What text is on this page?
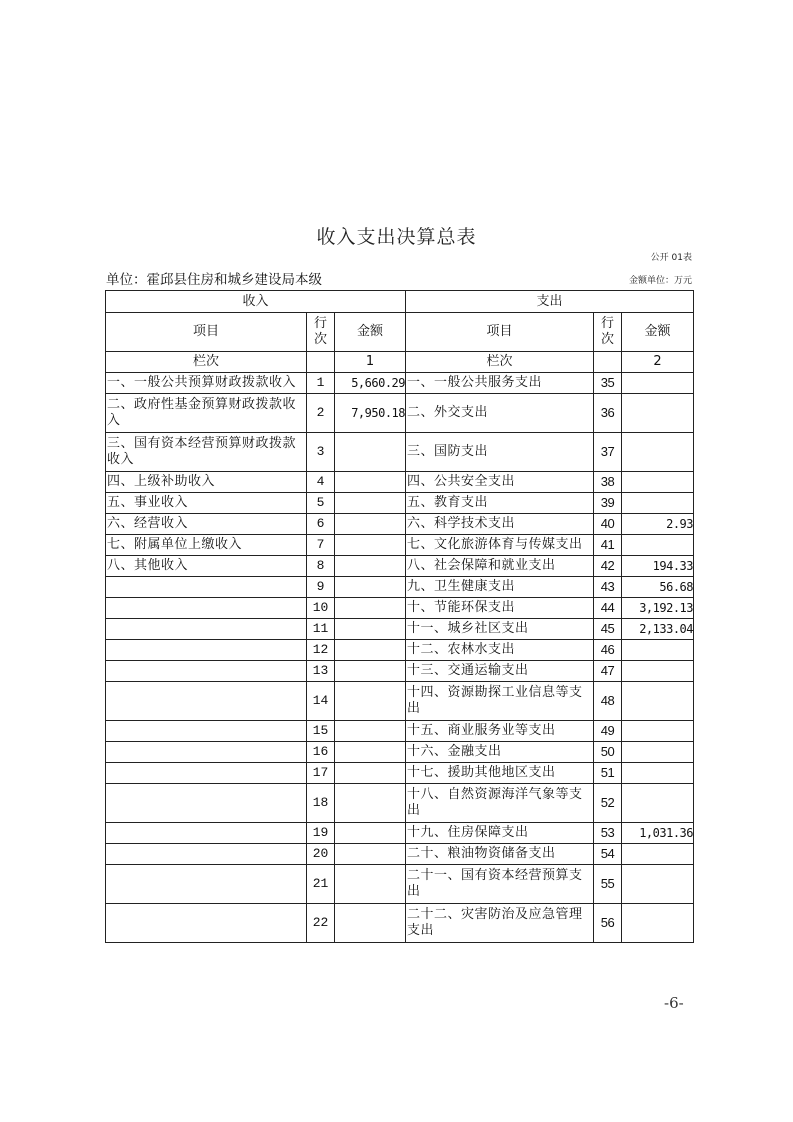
收入支出决算总表
公开 01表
单位：霍邱县住房和城乡建设局本级	金额单位：万元
收入			支出		
项目	行次	金额	项目	行次	金额
栏次		1	栏次		2
一、一般公共预算财政拨款收入	1	5,660.29	一、一般公共服务支出	35	
二、政府性基金预算财政拨款收入	2	7,950.18	二、外交支出	36	
三、国有资本经营预算财政拨款收入	3		三、国防支出	37	
四、上级补助收入	4		四、公共安全支出	38	
五、事业收入	5		五、教育支出	39	
六、经营收入	6		六、科学技术支出	40	2.93
七、附属单位上缴收入	7		七、文化旅游体育与传媒支出	41	
八、其他收入	8		八、社会保障和就业支出	42	194.33
	9		九、卫生健康支出	43	56.68
	10		十、节能环保支出	44	3,192.13
	11		十一、城乡社区支出	45	2,133.04
	12		十二、农林水支出	46	
	13		十三、交通运输支出	47	
	14		十四、资源勘探工业信息等支出	48	
	15		十五、商业服务业等支出	49	
	16		十六、金融支出	50	
	17		十七、援助其他地区支出	51	
	18		十八、自然资源海洋气象等支出	52	
	19		十九、住房保障支出	53	1,031.36
	20		二十、粮油物资储备支出	54	
	21		二十一、国有资本经营预算支出	55	
	22		二十二、灾害防治及应急管理支出	56	
-6-
